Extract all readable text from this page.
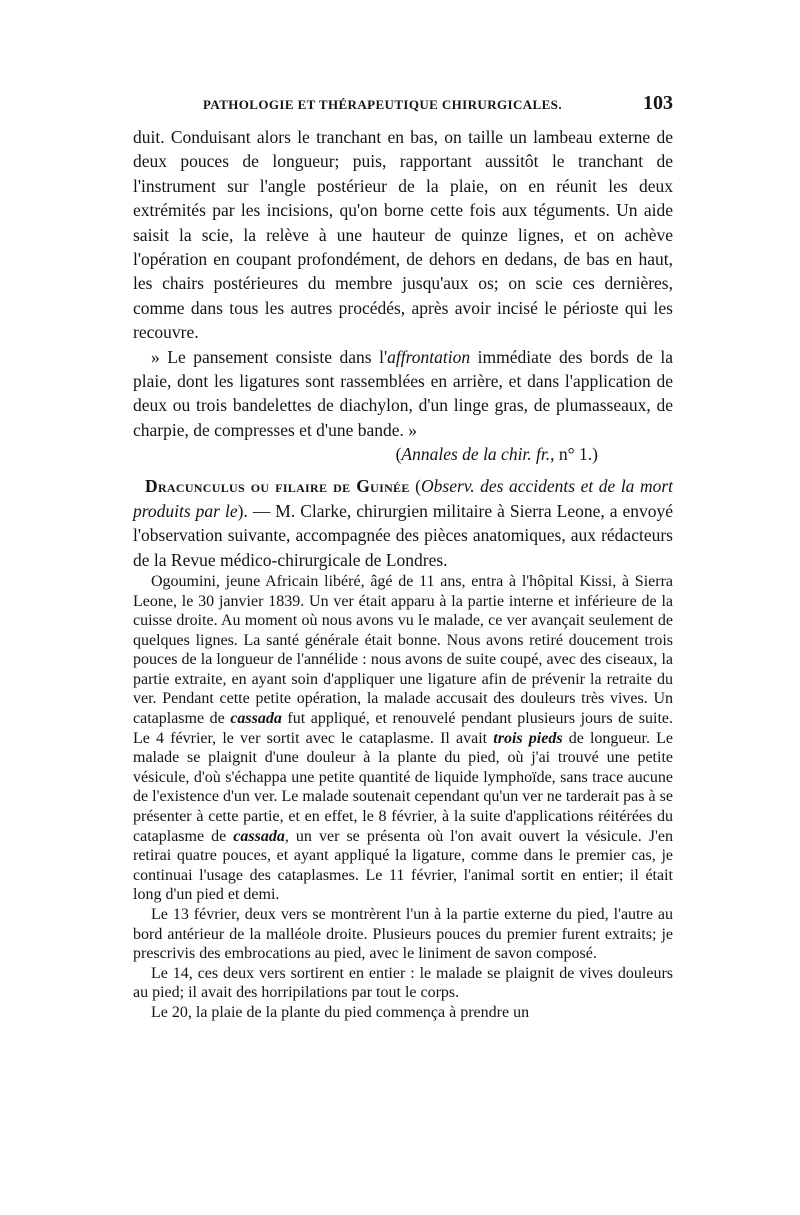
PATHOLOGIE ET THÉRAPEUTIQUE CHIRURGICALES.	103

duit. Conduisant alors le tranchant en bas, on taille un lambeau externe de deux pouces de longueur; puis, rapportant aussitôt le tranchant de l'instrument sur l'angle postérieur de la plaie, on en réunit les deux extrémités par les incisions, qu'on borne cette fois aux téguments. Un aide saisit la scie, la relève à une hauteur de quinze lignes, et on achève l'opération en coupant profondément, de dehors en dedans, de bas en haut, les chairs postérieures du membre jusqu'aux os; on scie ces dernières, comme dans tous les autres procédés, après avoir incisé le périoste qui les recouvre.

» Le pansement consiste dans l'affrontation immédiate des bords de la plaie, dont les ligatures sont rassemblées en arrière, et dans l'application de deux ou trois bandelettes de diachylon, d'un linge gras, de plumasseaux, de charpie, de compresses et d'une bande. »

(Annales de la chir. fr., n° 1.)

Dracunculus ou filaire de Guinée (Observ. des accidents et de la mort produits par le). — M. Clarke, chirurgien militaire à Sierra Leone, a envoyé l'observation suivante, accompagnée des pièces anatomiques, aux rédacteurs de la Revue médico-chirurgicale de Londres.

Ogoumini, jeune Africain libéré, âgé de 11 ans, entra à l'hôpital Kissi, à Sierra Leone, le 30 janvier 1839. Un ver était apparu à la partie interne et inférieure de la cuisse droite. Au moment où nous avons vu le malade, ce ver avançait seulement de quelques lignes. La santé générale était bonne. Nous avons retiré doucement trois pouces de la longueur de l'annélide : nous avons de suite coupé, avec des ciseaux, la partie extraite, en ayant soin d'appliquer une ligature afin de prévenir la retraite du ver. Pendant cette petite opération, la malade accusait des douleurs très vives. Un cataplasme de cassada fut appliqué, et renouvelé pendant plusieurs jours de suite. Le 4 février, le ver sortit avec le cataplasme. Il avait trois pieds de longueur. Le malade se plaignit d'une douleur à la plante du pied, où j'ai trouvé une petite vésicule, d'où s'échappa une petite quantité de liquide lymphoïde, sans trace aucune de l'existence d'un ver. Le malade soutenait cependant qu'un ver ne tarderait pas à se présenter à cette partie, et en effet, le 8 février, à la suite d'applications réitérées du cataplasme de cassada, un ver se présenta où l'on avait ouvert la vésicule. J'en retirai quatre pouces, et ayant appliqué la ligature, comme dans le premier cas, je continuai l'usage des cataplasmes. Le 11 février, l'animal sortit en entier; il était long d'un pied et demi.

Le 13 février, deux vers se montrèrent l'un à la partie externe du pied, l'autre au bord antérieur de la malléole droite. Plusieurs pouces du premier furent extraits; je prescrivis des embrocations au pied, avec le liniment de savon composé.

Le 14, ces deux vers sortirent en entier : le malade se plaignit de vives douleurs au pied; il avait des horripilations par tout le corps.

Le 20, la plaie de la plante du pied commença à prendre un
